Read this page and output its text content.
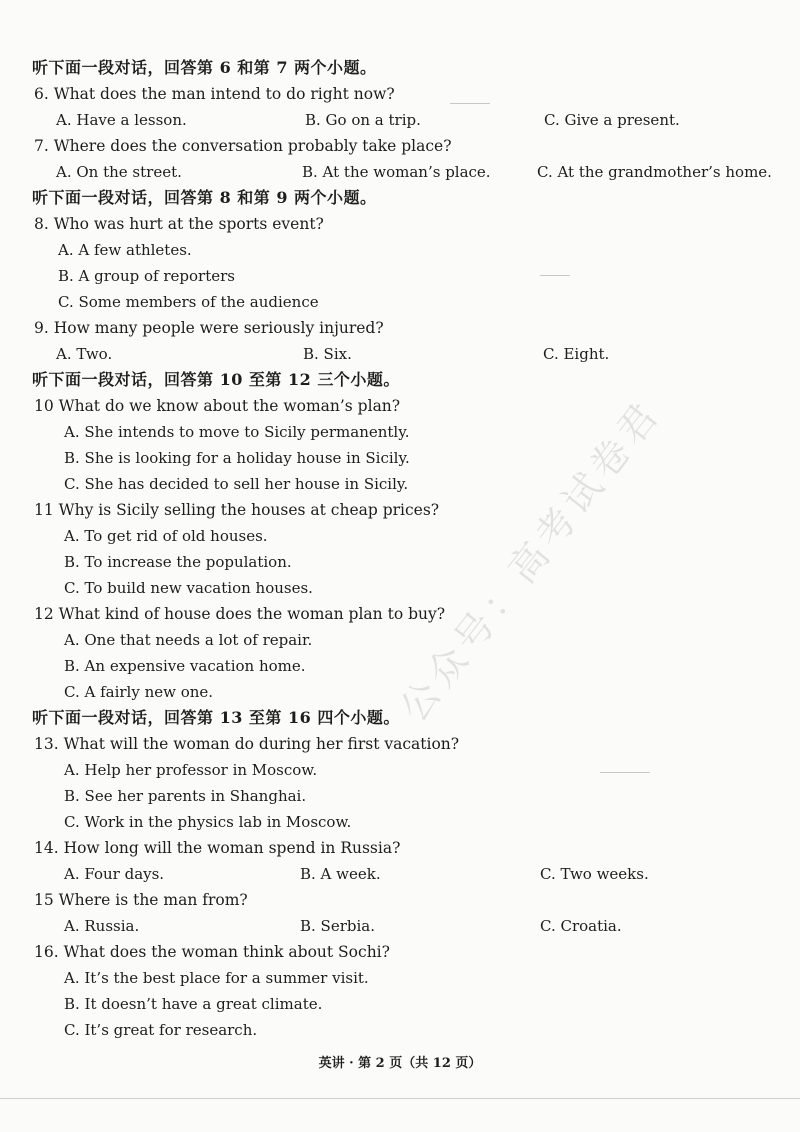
听下面一段对话，回答第 6 和第 7 两个小题。
6. What does the man intend to do right now?
A. Have a lesson.	B. Go on a trip.	C. Give a present.
7. Where does the conversation probably take place?
A. On the street.	B. At the woman’s place.	C. At the grandmother’s home.
听下面一段对话，回答第 8 和第 9 两个小题。
8. Who was hurt at the sports event?
A. A few athletes.
B. A group of reporters
C. Some members of the audience
9. How many people were seriously injured?
A. Two.	B. Six.	C. Eight.
听下面一段对话，回答第 10 至第 12 三个小题。
10 What do we know about the woman’s plan?
A. She intends to move to Sicily permanently.
B. She is looking for a holiday house in Sicily.
C. She has decided to sell her house in Sicily.
11 Why is Sicily selling the houses at cheap prices?
A. To get rid of old houses.
B. To increase the population.
C. To build new vacation houses.
12 What kind of house does the woman plan to buy?
A. One that needs a lot of repair.
B. An expensive vacation home.
C. A fairly new one.
听下面一段对话，回答第 13 至第 16 四个小题。
13. What will the woman do during her first vacation?
A. Help her professor in Moscow.
B. See her parents in Shanghai.
C. Work in the physics lab in Moscow.
14. How long will the woman spend in Russia?
A. Four days.	B. A week.	C. Two weeks.
15 Where is the man from?
A. Russia.	B. Serbia.	C. Croatia.
16. What does the woman think about Sochi?
A. It’s the best place for a summer visit.
B. It doesn’t have a great climate.
C. It’s great for research.
公众号：高考试卷君
英讲 · 第 2 页（共 12 页）
